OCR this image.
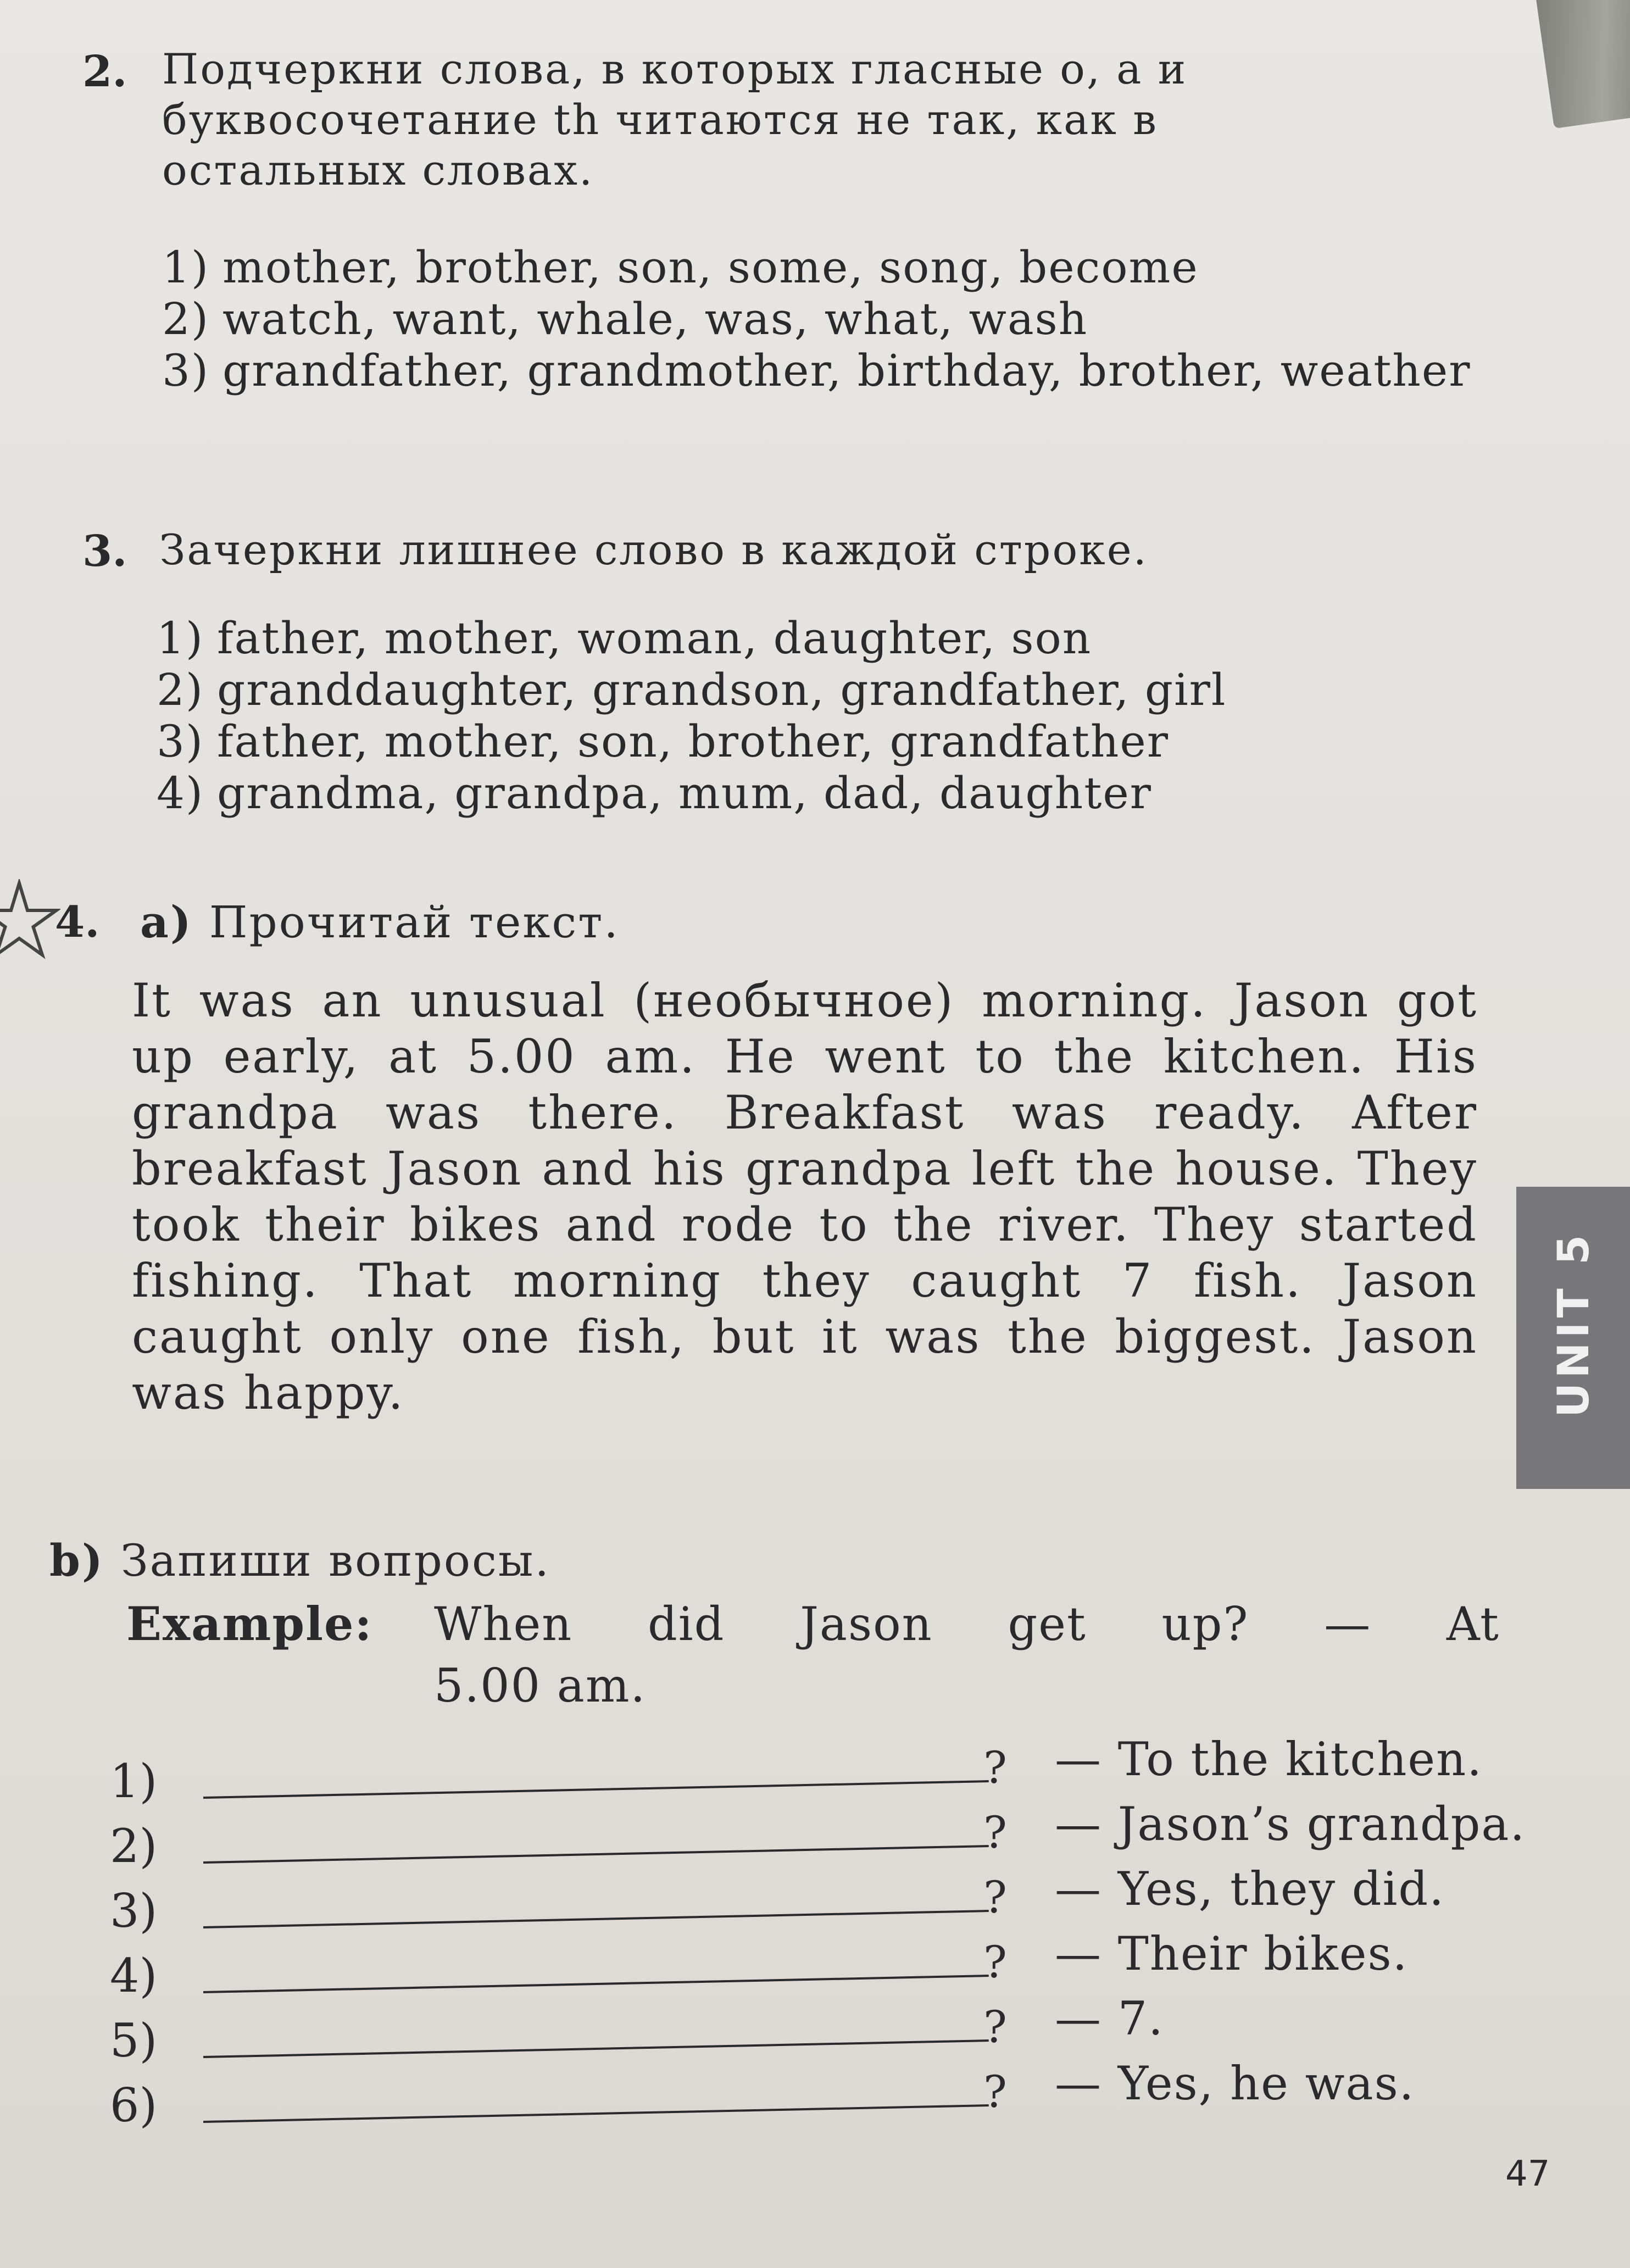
2. Подчеркни слова, в которых гласные о, а и буквосочетание th читаются не так, как в остальных словах.
1) mother, brother, son, some, song, become
2) watch, want, whale, was, what, wash
3) grandfather, grandmother, birthday, brother, weather
3. Зачеркни лишнее слово в каждой строке.
1) father, mother, woman, daughter, son
2) granddaughter, grandson, grandfather, girl
3) father, mother, son, brother, grandfather
4) grandma, grandpa, mum, dad, daughter
4. a) Прочитай текст.
It was an unusual (необычное) morning. Jason got up early, at 5.00 am. He went to the kitchen. His grandpa was there. Breakfast was ready. After breakfast Jason and his grandpa left the house. They took their bikes and rode to the river. They started fishing. That morning they caught 7 fish. Jason caught only one fish, but it was the biggest. Jason was happy.
b) Запиши вопросы.
Example: When did Jason get up? — At
5.00 am.
1)	? — To the kitchen.
2)	? — Jason’s grandpa.
3)	? — Yes, they did.
4)	? — Their bikes.
5)	? — 7.
6)	? — Yes, he was.
UNIT 5
47
